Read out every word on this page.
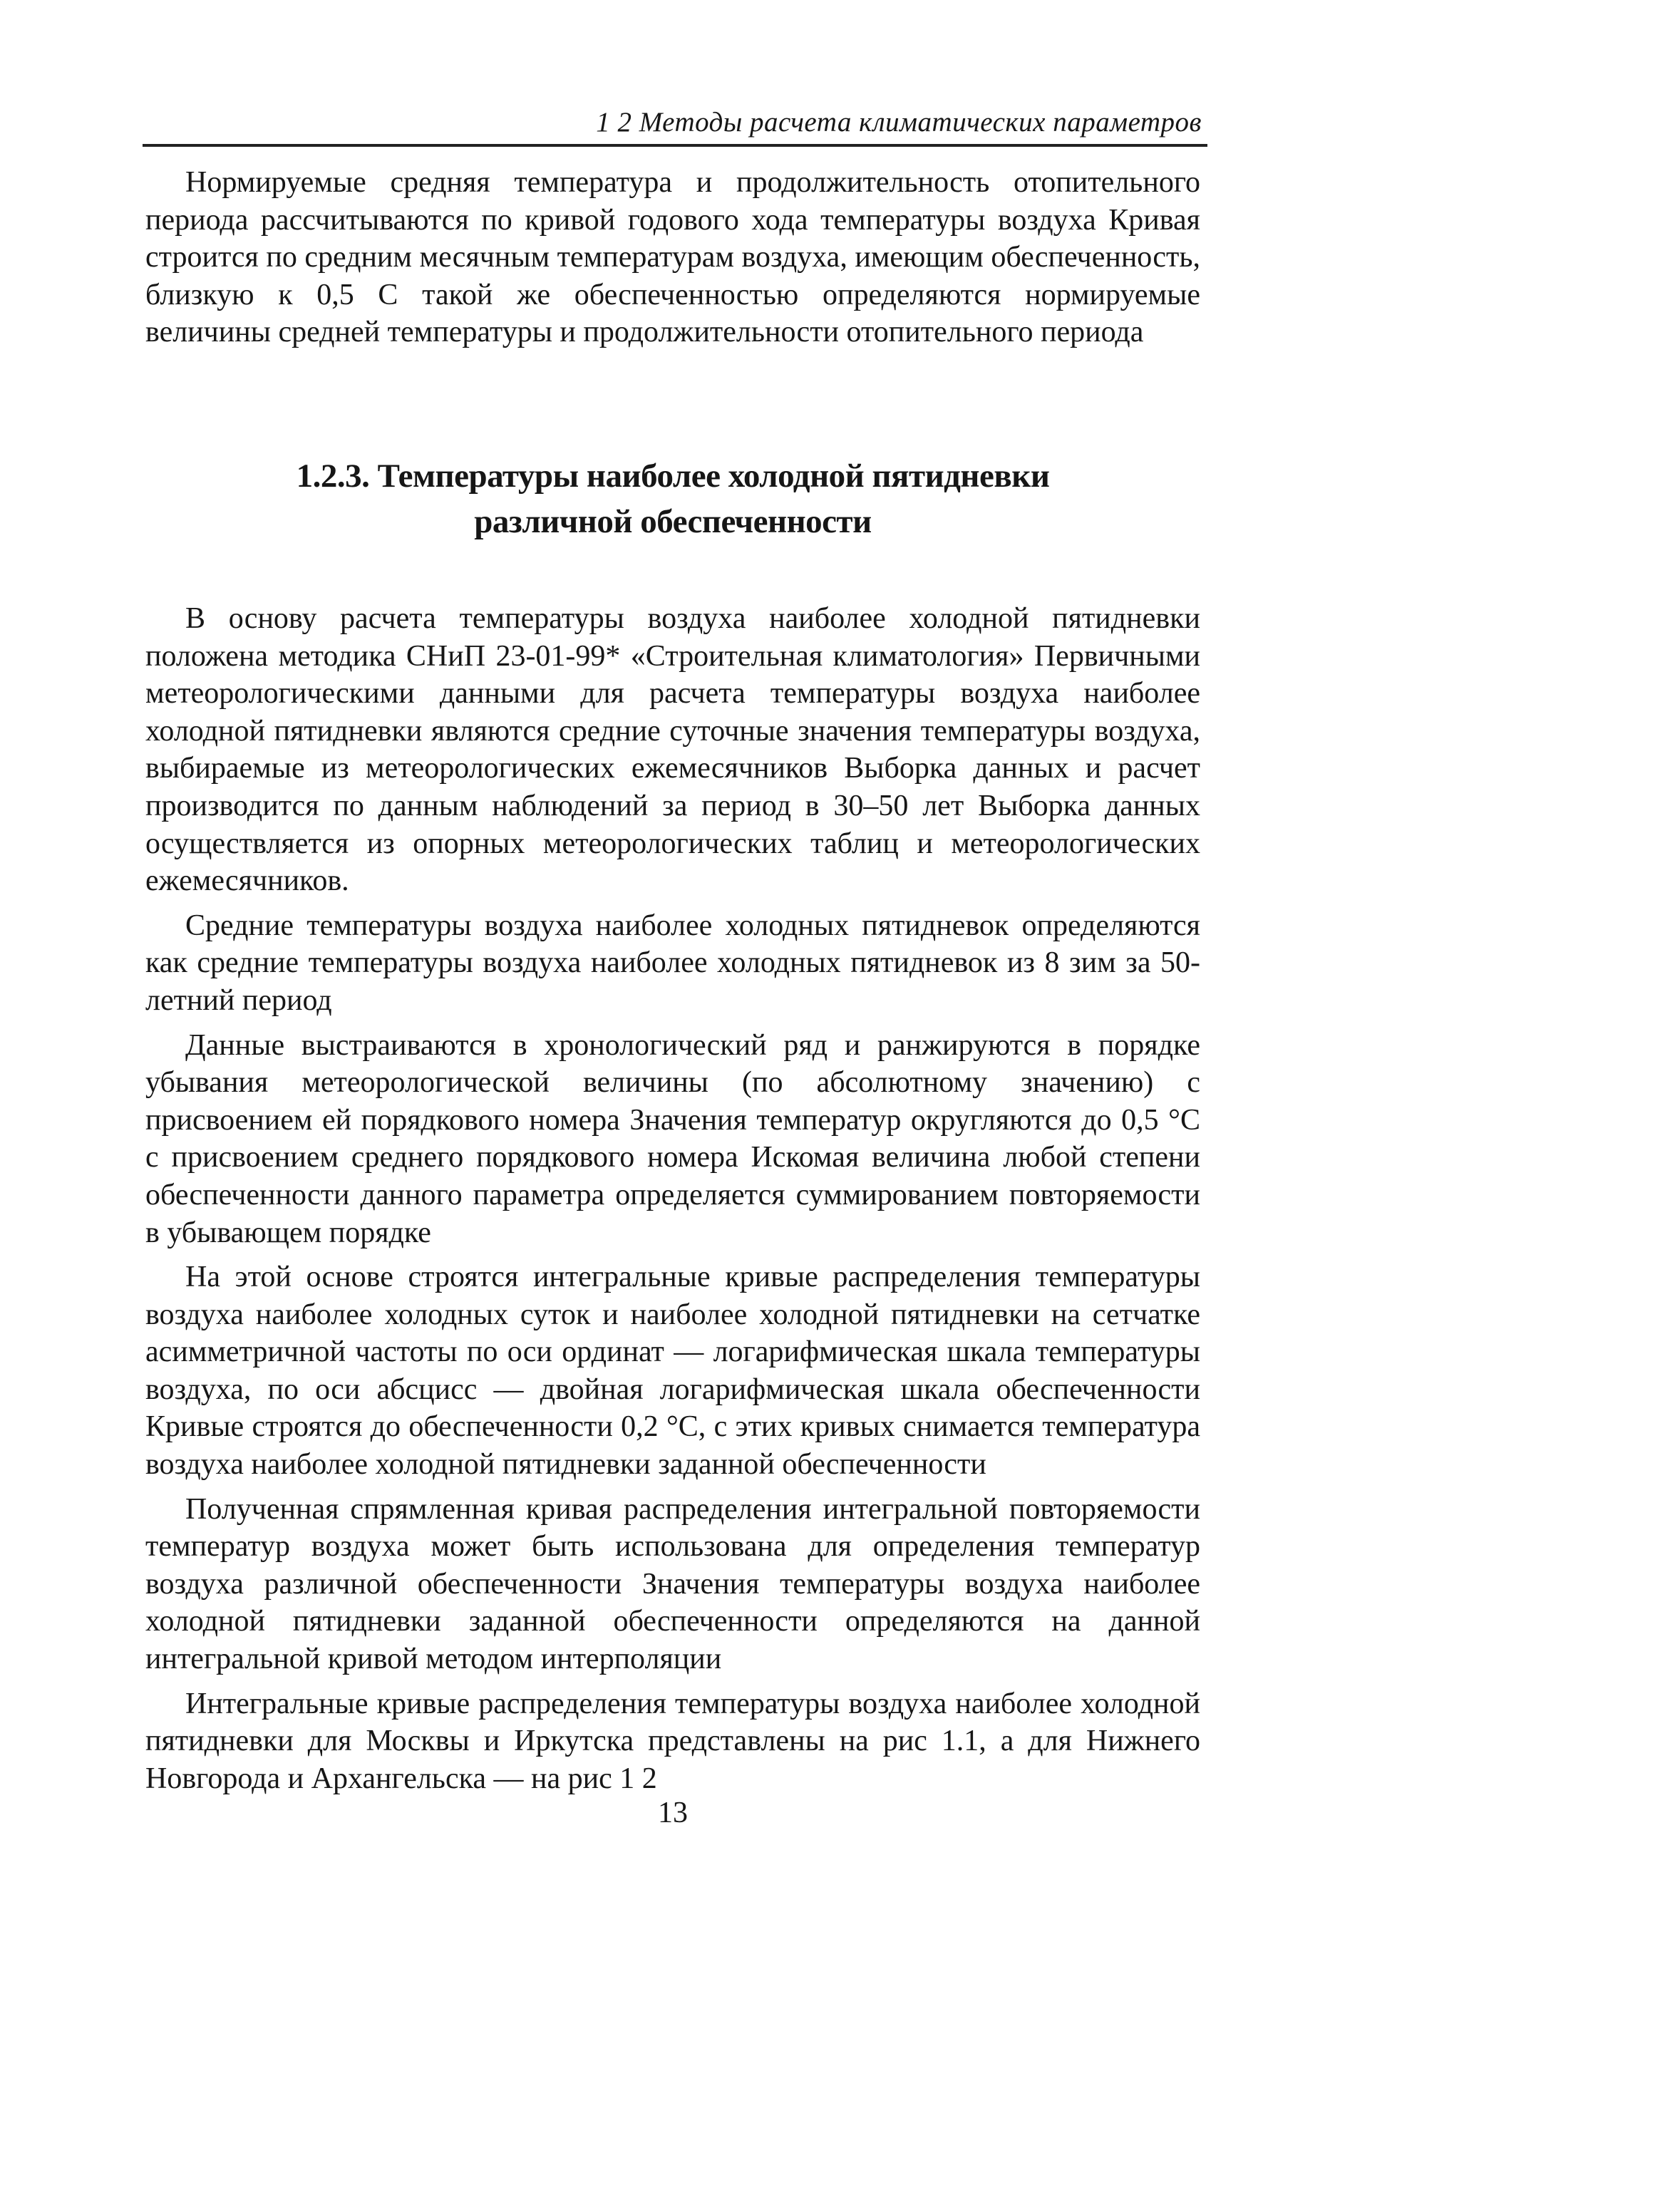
1 2 Методы расчета климатических параметров

Нормируемые средняя температура и продолжительность отопительного периода рассчитываются по кривой годового хода температуры воздуха Кривая строится по средним месячным температурам воздуха, имеющим обеспеченность, близкую к 0,5 С такой же обеспеченностью определяются нормируемые величины средней температуры и продолжительности отопительного периода

1.2.3. Температуры наиболее холодной пятидневки
различной обеспеченности

В основу расчета температуры воздуха наиболее холодной пятидневки положена методика СНиП 23-01-99* «Строительная климатология» Первичными метеорологическими данными для расчета температуры воздуха наиболее холодной пятидневки являются средние суточные значения температуры воздуха, выбираемые из метеорологических ежемесячников Выборка данных и расчет производится по данным наблюдений за период в 30–50 лет Выборка данных осуществляется из опорных метеорологических таблиц и метеорологических ежемесячников.

Средние температуры воздуха наиболее холодных пятидневок определяются как средние температуры воздуха наиболее холодных пятидневок из 8 зим за 50-летний период

Данные выстраиваются в хронологический ряд и ранжируются в порядке убывания метеорологической величины (по абсолютному значению) с присвоением ей порядкового номера Значения температур округляются до 0,5 °С с присвоением среднего порядкового номера Искомая величина любой степени обеспеченности данного параметра определяется суммированием повторяемости в убывающем порядке

На этой основе строятся интегральные кривые распределения температуры воздуха наиболее холодных суток и наиболее холодной пятидневки на сетчатке асимметричной частоты по оси ординат — логарифмическая шкала температуры воздуха, по оси абсцисс — двойная логарифмическая шкала обеспеченности Кривые строятся до обеспеченности 0,2 °С, с этих кривых снимается температура воздуха наиболее холодной пятидневки заданной обеспеченности

Полученная спрямленная кривая распределения интегральной повторяемости температур воздуха может быть использована для определения температур воздуха различной обеспеченности Значения температуры воздуха наиболее холодной пятидневки заданной обеспеченности определяются на данной интегральной кривой методом интерполяции

Интегральные кривые распределения температуры воздуха наиболее холодной пятидневки для Москвы и Иркутска представлены на рис 1.1, а для Нижнего Новгорода и Архангельска — на рис 1 2

13
